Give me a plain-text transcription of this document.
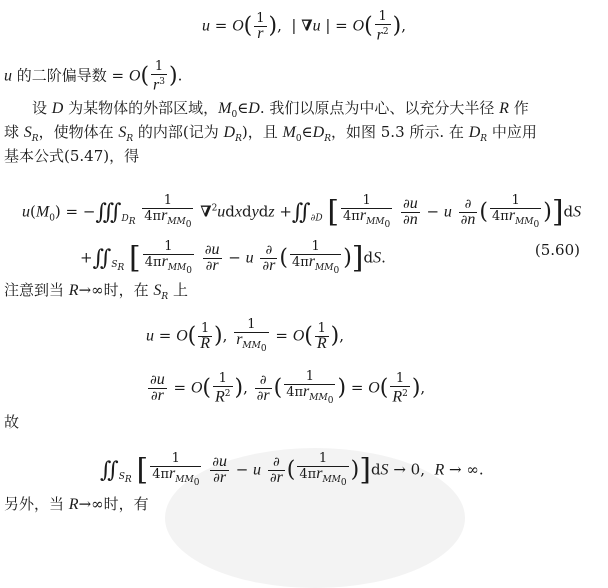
$u = O( \frac{1}{r}$ ),  | ∇u | = $O( \frac{1}{r^2}$ ),
u 的二阶偏导数 = $O( \frac{1}{r^3}$ ).
设 D 为某物体的外部区域，$M_0\in D$. 我们以原点为中心、以充分大半径 R 作
球 $S_R$，使物体在 $S_R$ 的内部(记为 $D_R$)，且 $M_0\in D_R$，如图 5.3 所示. 在 $D_R$ 中应用
基本公式(5.47)，得
$u(M_0)$ = −∭ $_{D_R} \frac{1}{4\pi r_{MM_0}}$ ∇$^2$udxdydz +∬ $_{\partial D}$ [ $\frac{1}{4\pi r_{MM_0}}$
$\frac{\partial u}{\partial n} - u \frac{\partial}{\partial n}$ ( $\frac{1}{4\pi r_{MM_0}} )]dS$
+∬ $_{S_R}$ [ $\frac{1}{4\pi r_{MM_0}}$
$\frac{\partial u}{\partial r} - u \frac{\partial}{\partial r}$ ( $\frac{1}{4\pi r_{MM_0}} )]dS$.	(5.60)
注意到当 R→∞时，在 $S_R$ 上
$u = O( \frac{1}{R}$ ), $\frac{1}{r_{MM_0}} = O( \frac{1}{R}$ ),
$\frac{\partial u}{\partial r} = O( \frac{1}{R^2}$ ), $\frac{\partial}{\partial r}$ ( $\frac{1}{4\pi r_{MM_0}}$ ) = $O( \frac{1}{R^2}$ ),
故
∬ $_{S_R}$ [ $\frac{1}{4\pi r_{MM_0}}$
$\frac{\partial u}{\partial r} - u \frac{\partial}{\partial r}$ ( $\frac{1}{4\pi r_{MM_0}} )]dS \to 0$,  R → ∞.
另外，当 R→∞时，有
